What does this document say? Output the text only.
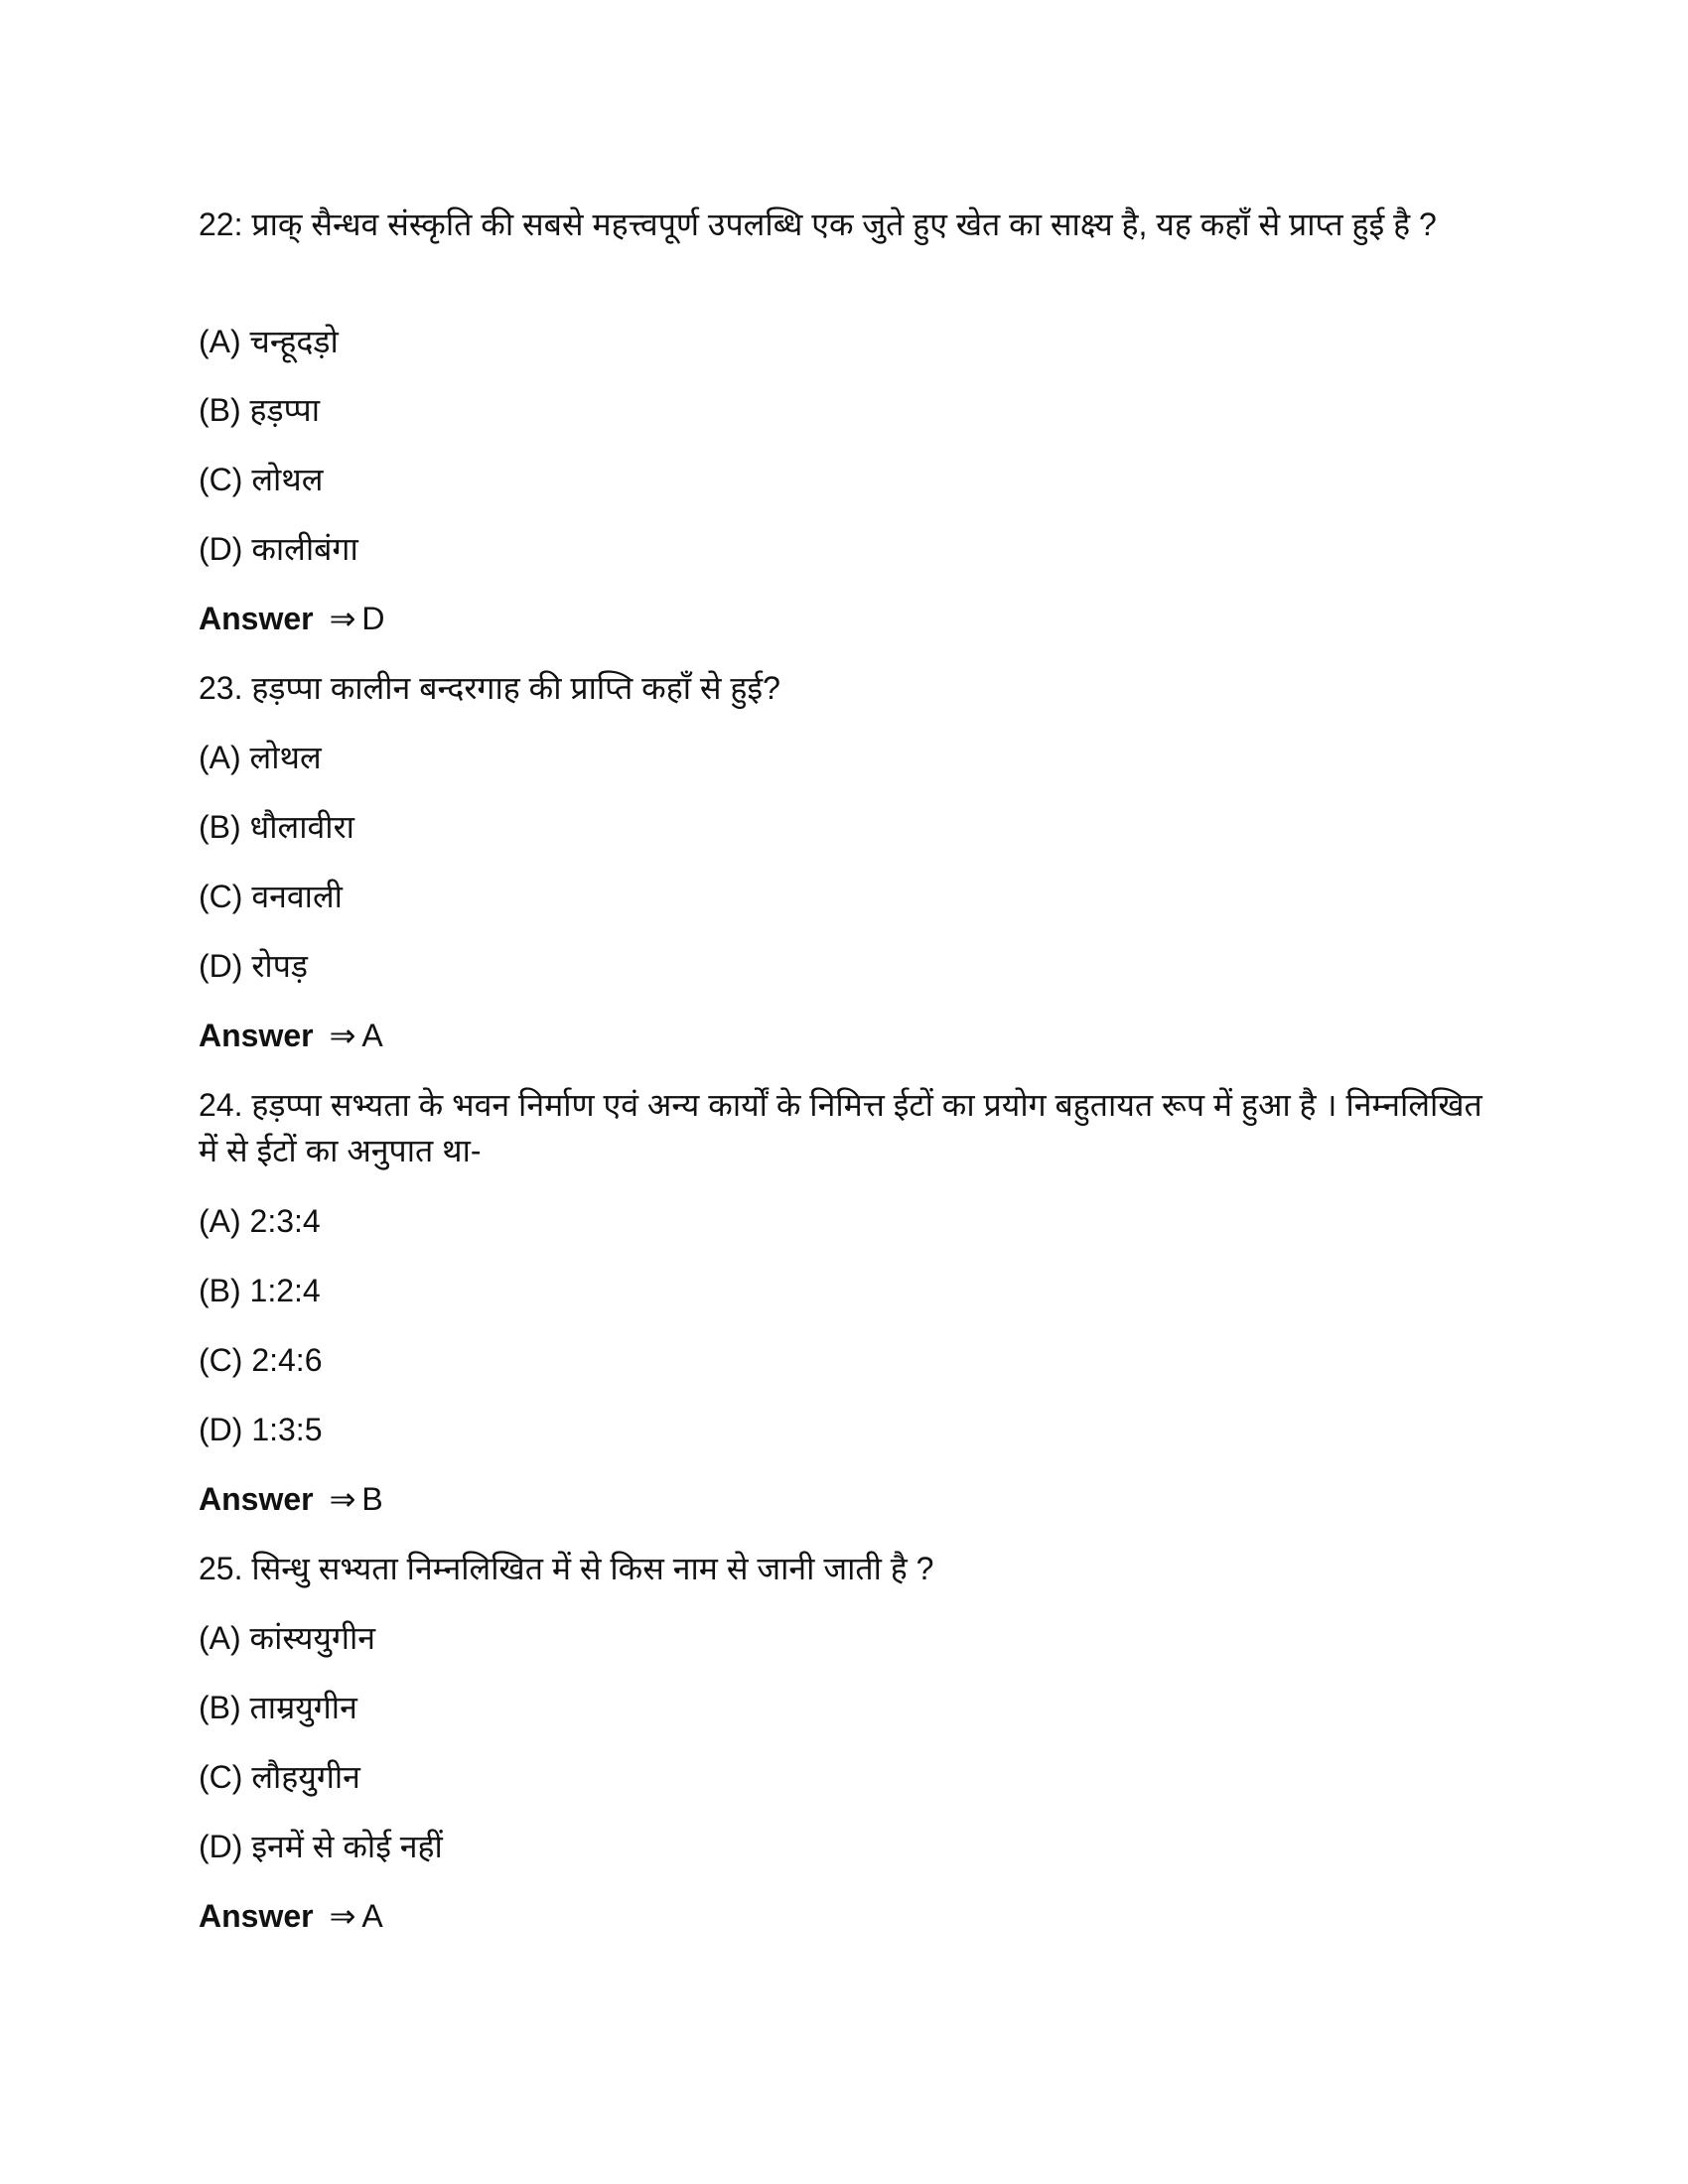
22: प्राक् सैन्धव संस्कृति की सबसे महत्त्वपूर्ण उपलब्धि एक जुते हुए खेत का साक्ष्य है, यह कहाँ से प्राप्त हुई है ?
(A) चन्हूदड़ो
(B) हड़प्पा
(C) लोथल
(D) कालीबंगा
Answer ⇒ D
23. हड़प्पा कालीन बन्दरगाह की प्राप्ति कहाँ से हुई?
(A) लोथल
(B) धौलावीरा
(C) वनवाली
(D) रोपड़
Answer ⇒ A
24. हड़प्पा सभ्यता के भवन निर्माण एवं अन्य कार्यों के निमित्त ईटों का प्रयोग बहुतायत रूप में हुआ है । निम्नलिखित में से ईटों का अनुपात था-
(A) 2:3:4
(B) 1:2:4
(C) 2:4:6
(D) 1:3:5
Answer ⇒ B
25. सिन्धु सभ्यता निम्नलिखित में से किस नाम से जानी जाती है ?
(A) कांस्ययुगीन
(B) ताम्रयुगीन
(C) लौहयुगीन
(D) इनमें से कोई नहीं
Answer ⇒ A
